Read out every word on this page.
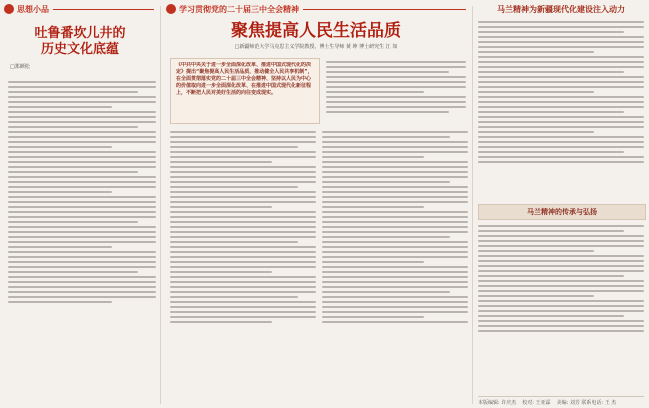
思想小品
吐鲁番坎儿井的
历史文化底蕴
□郑颜松
学习贯彻党的二十届三中全会精神
聚焦提高人民生活品质
□新疆师范大学马克思主义学院教授、博士生导师 黄 坤 博士研究生 江 如
《中共中央关于进一步全面深化改革、推进中国式现代化的决定》提出“聚焦提高人民生活品质，推动健全人民共享机制”，在全面贯彻落实党的二十届三中全会精神、坚持以人民为中心的价值取向进一步全面深化改革、在推进中国式现代化新征程上，不断把人民对美好生活的向往变成现实。
马兰精神为新疆现代化建设注入动力
马兰精神的传承与弘扬
本版编辑: 许庆杰 校对: 王亚霖 美编: 刘芳 联系电话: 王 杰
